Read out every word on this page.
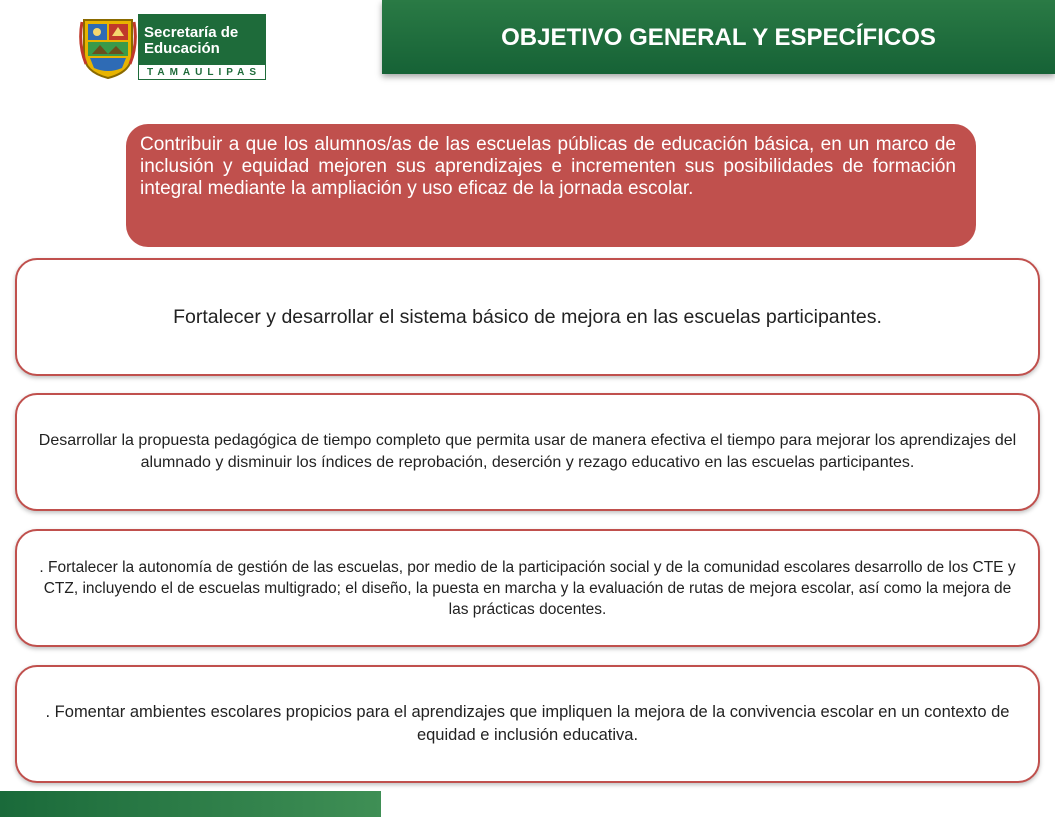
Secretaría de
Educación
TAMAULIPAS
OBJETIVO GENERAL Y ESPECÍFICOS
Contribuir a que los alumnos/as de las escuelas públicas de educación básica, en un marco de inclusión y equidad mejoren sus aprendizajes e incrementen sus posibilidades de formación integral mediante la ampliación y uso eficaz de la jornada escolar.
Fortalecer y desarrollar el sistema básico de mejora en las escuelas participantes.
Desarrollar la propuesta pedagógica de tiempo completo que permita usar de manera efectiva el tiempo para mejorar los aprendizajes del alumnado y disminuir los índices de reprobación, deserción y rezago educativo en las escuelas participantes.
. Fortalecer la autonomía de gestión de las escuelas, por medio de la participación social y de la comunidad escolares desarrollo de los CTE y CTZ, incluyendo el de escuelas multigrado; el diseño, la puesta en marcha y la evaluación de rutas de mejora escolar, así como la mejora de las prácticas docentes.
. Fomentar ambientes escolares propicios para el aprendizajes que impliquen la mejora de la convivencia escolar en un contexto de equidad e inclusión educativa.
